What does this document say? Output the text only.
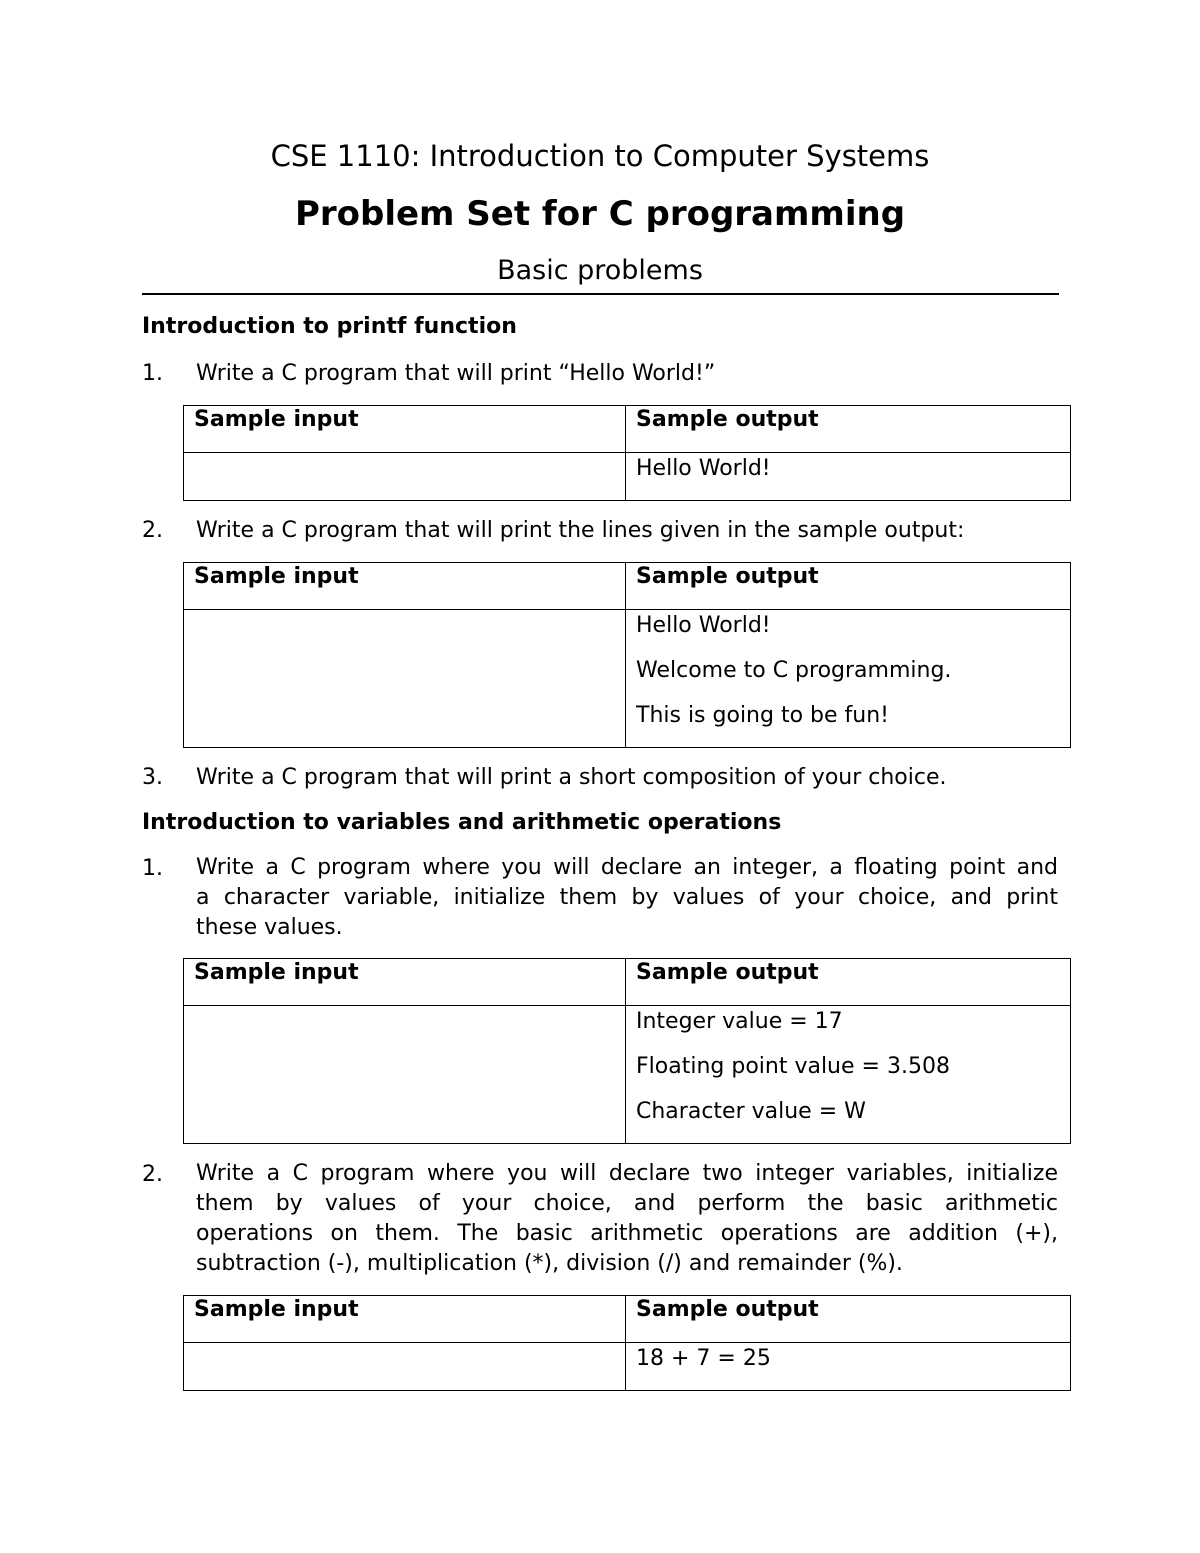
CSE 1110: Introduction to Computer Systems
Problem Set for C programming
Basic problems
Introduction to printf function
1. Write a C program that will print “Hello World!”
Sample input	Sample output

	Hello World!
2. Write a C program that will print the lines given in the sample output:
Sample input	Sample output

	Hello World!
Welcome to C programming.
This is going to be fun!
3. Write a C program that will print a short composition of your choice.
Introduction to variables and arithmetic operations
1. Write a C program where you will declare an integer, a floating point and
a character variable, initialize them by values of your choice, and print
these values.
Sample input	Sample output

	Integer value = 17
Floating point value = 3.508
Character value = W
2. Write a C program where you will declare two integer variables, initialize
them by values of your choice, and perform the basic arithmetic
operations on them. The basic arithmetic operations are addition (+),
subtraction (-), multiplication (*), division (/) and remainder (%).
Sample input	Sample output

	18 + 7 = 25
